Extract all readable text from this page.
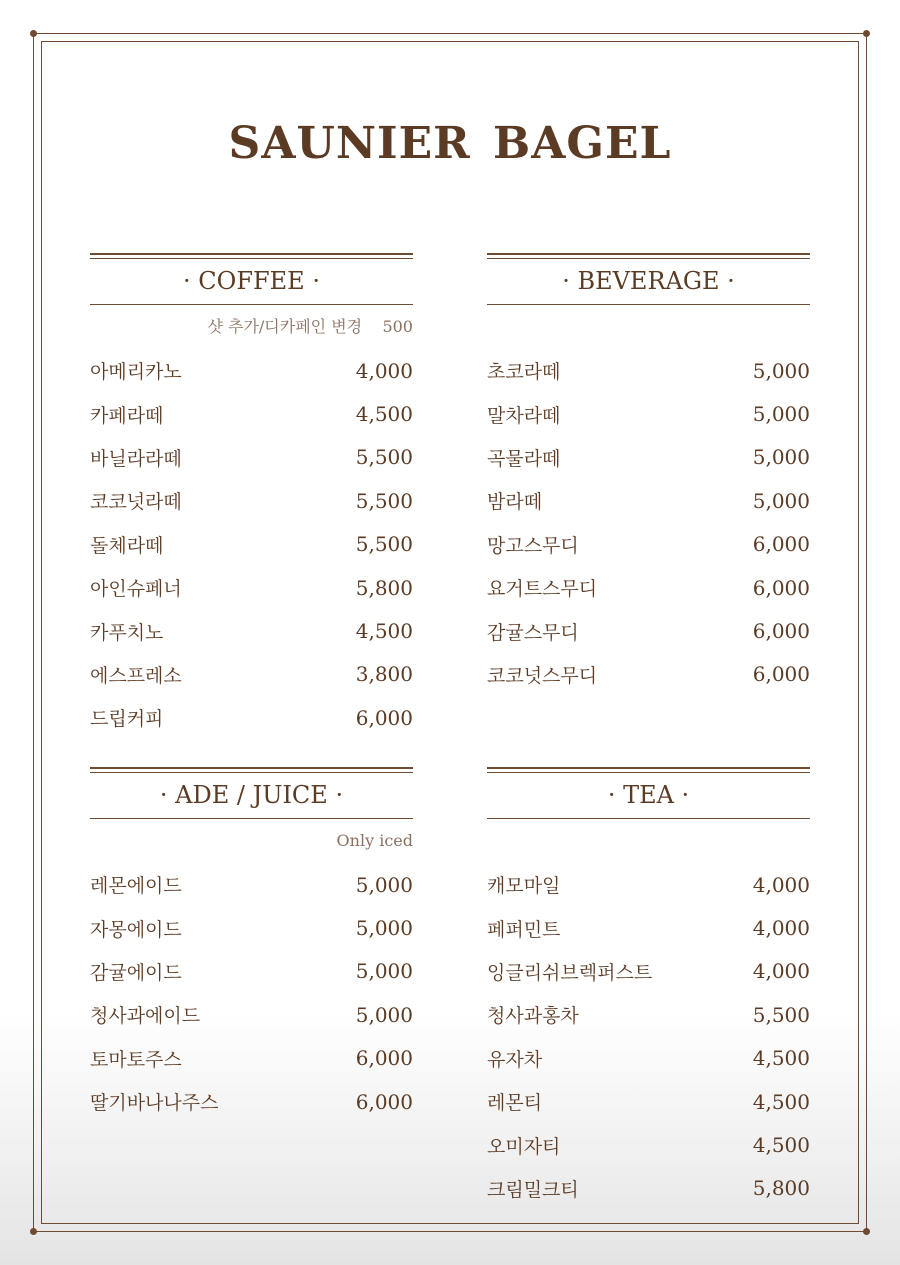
SAUNIER BAGEL
· COFFEE ·
샷 추가/디카페인 변경    500
아메리카노	4,000
카페라떼	4,500
바닐라라떼	5,500
코코넛라떼	5,500
돌체라떼	5,500
아인슈페너	5,800
카푸치노	4,500
에스프레소	3,800
드립커피	6,000
· BEVERAGE ·
초코라떼	5,000
말차라떼	5,000
곡물라떼	5,000
밤라떼	5,000
망고스무디	6,000
요거트스무디	6,000
감귤스무디	6,000
코코넛스무디	6,000
· ADE / JUICE ·
Only iced
레몬에이드	5,000
자몽에이드	5,000
감귤에이드	5,000
청사과에이드	5,000
토마토주스	6,000
딸기바나나주스	6,000
· TEA ·
캐모마일	4,000
페퍼민트	4,000
잉글리쉬브렉퍼스트	4,000
청사과홍차	5,500
유자차	4,500
레몬티	4,500
오미자티	4,500
크림밀크티	5,800
